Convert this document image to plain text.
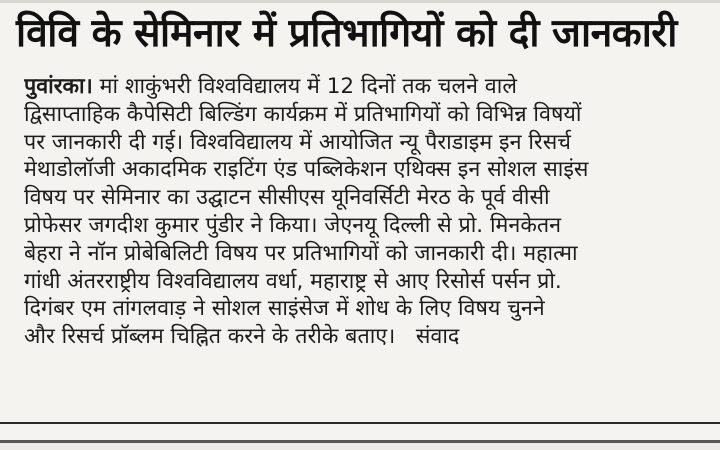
विवि के सेमिनार में प्रतिभागियों को दी जानकारी
पुवांरका। मां शाकुंभरी विश्वविद्यालय में 12 दिनों तक चलने वाले
द्विसाप्ताहिक कैपेसिटी बिल्डिंग कार्यक्रम में प्रतिभागियों को विभिन्न विषयों
पर जानकारी दी गई। विश्वविद्यालय में आयोजित न्यू पैराडाइम इन रिसर्च
मेथाडोलॉजी अकादमिक राइटिंग एंड पब्लिकेशन एथिक्स इन सोशल साइंस
विषय पर सेमिनार का उद्घाटन सीसीएस यूनिवर्सिटी मेरठ के पूर्व वीसी
प्रोफेसर जगदीश कुमार पुंडीर ने किया। जेएनयू दिल्ली से प्रो. मिनकेतन
बेहरा ने नॉन प्रोबेबिलिटी विषय पर प्रतिभागियों को जानकारी दी। महात्मा
गांधी अंतरराष्ट्रीय विश्वविद्यालय वर्धा, महाराष्ट्र से आए रिसोर्स पर्सन प्रो.
दिगंबर एम तांगलवाड़ ने सोशल साइंसेज में शोध के लिए विषय चुनने
और रिसर्च प्रॉब्लम चिह्नित करने के तरीके बताए। संवाद
